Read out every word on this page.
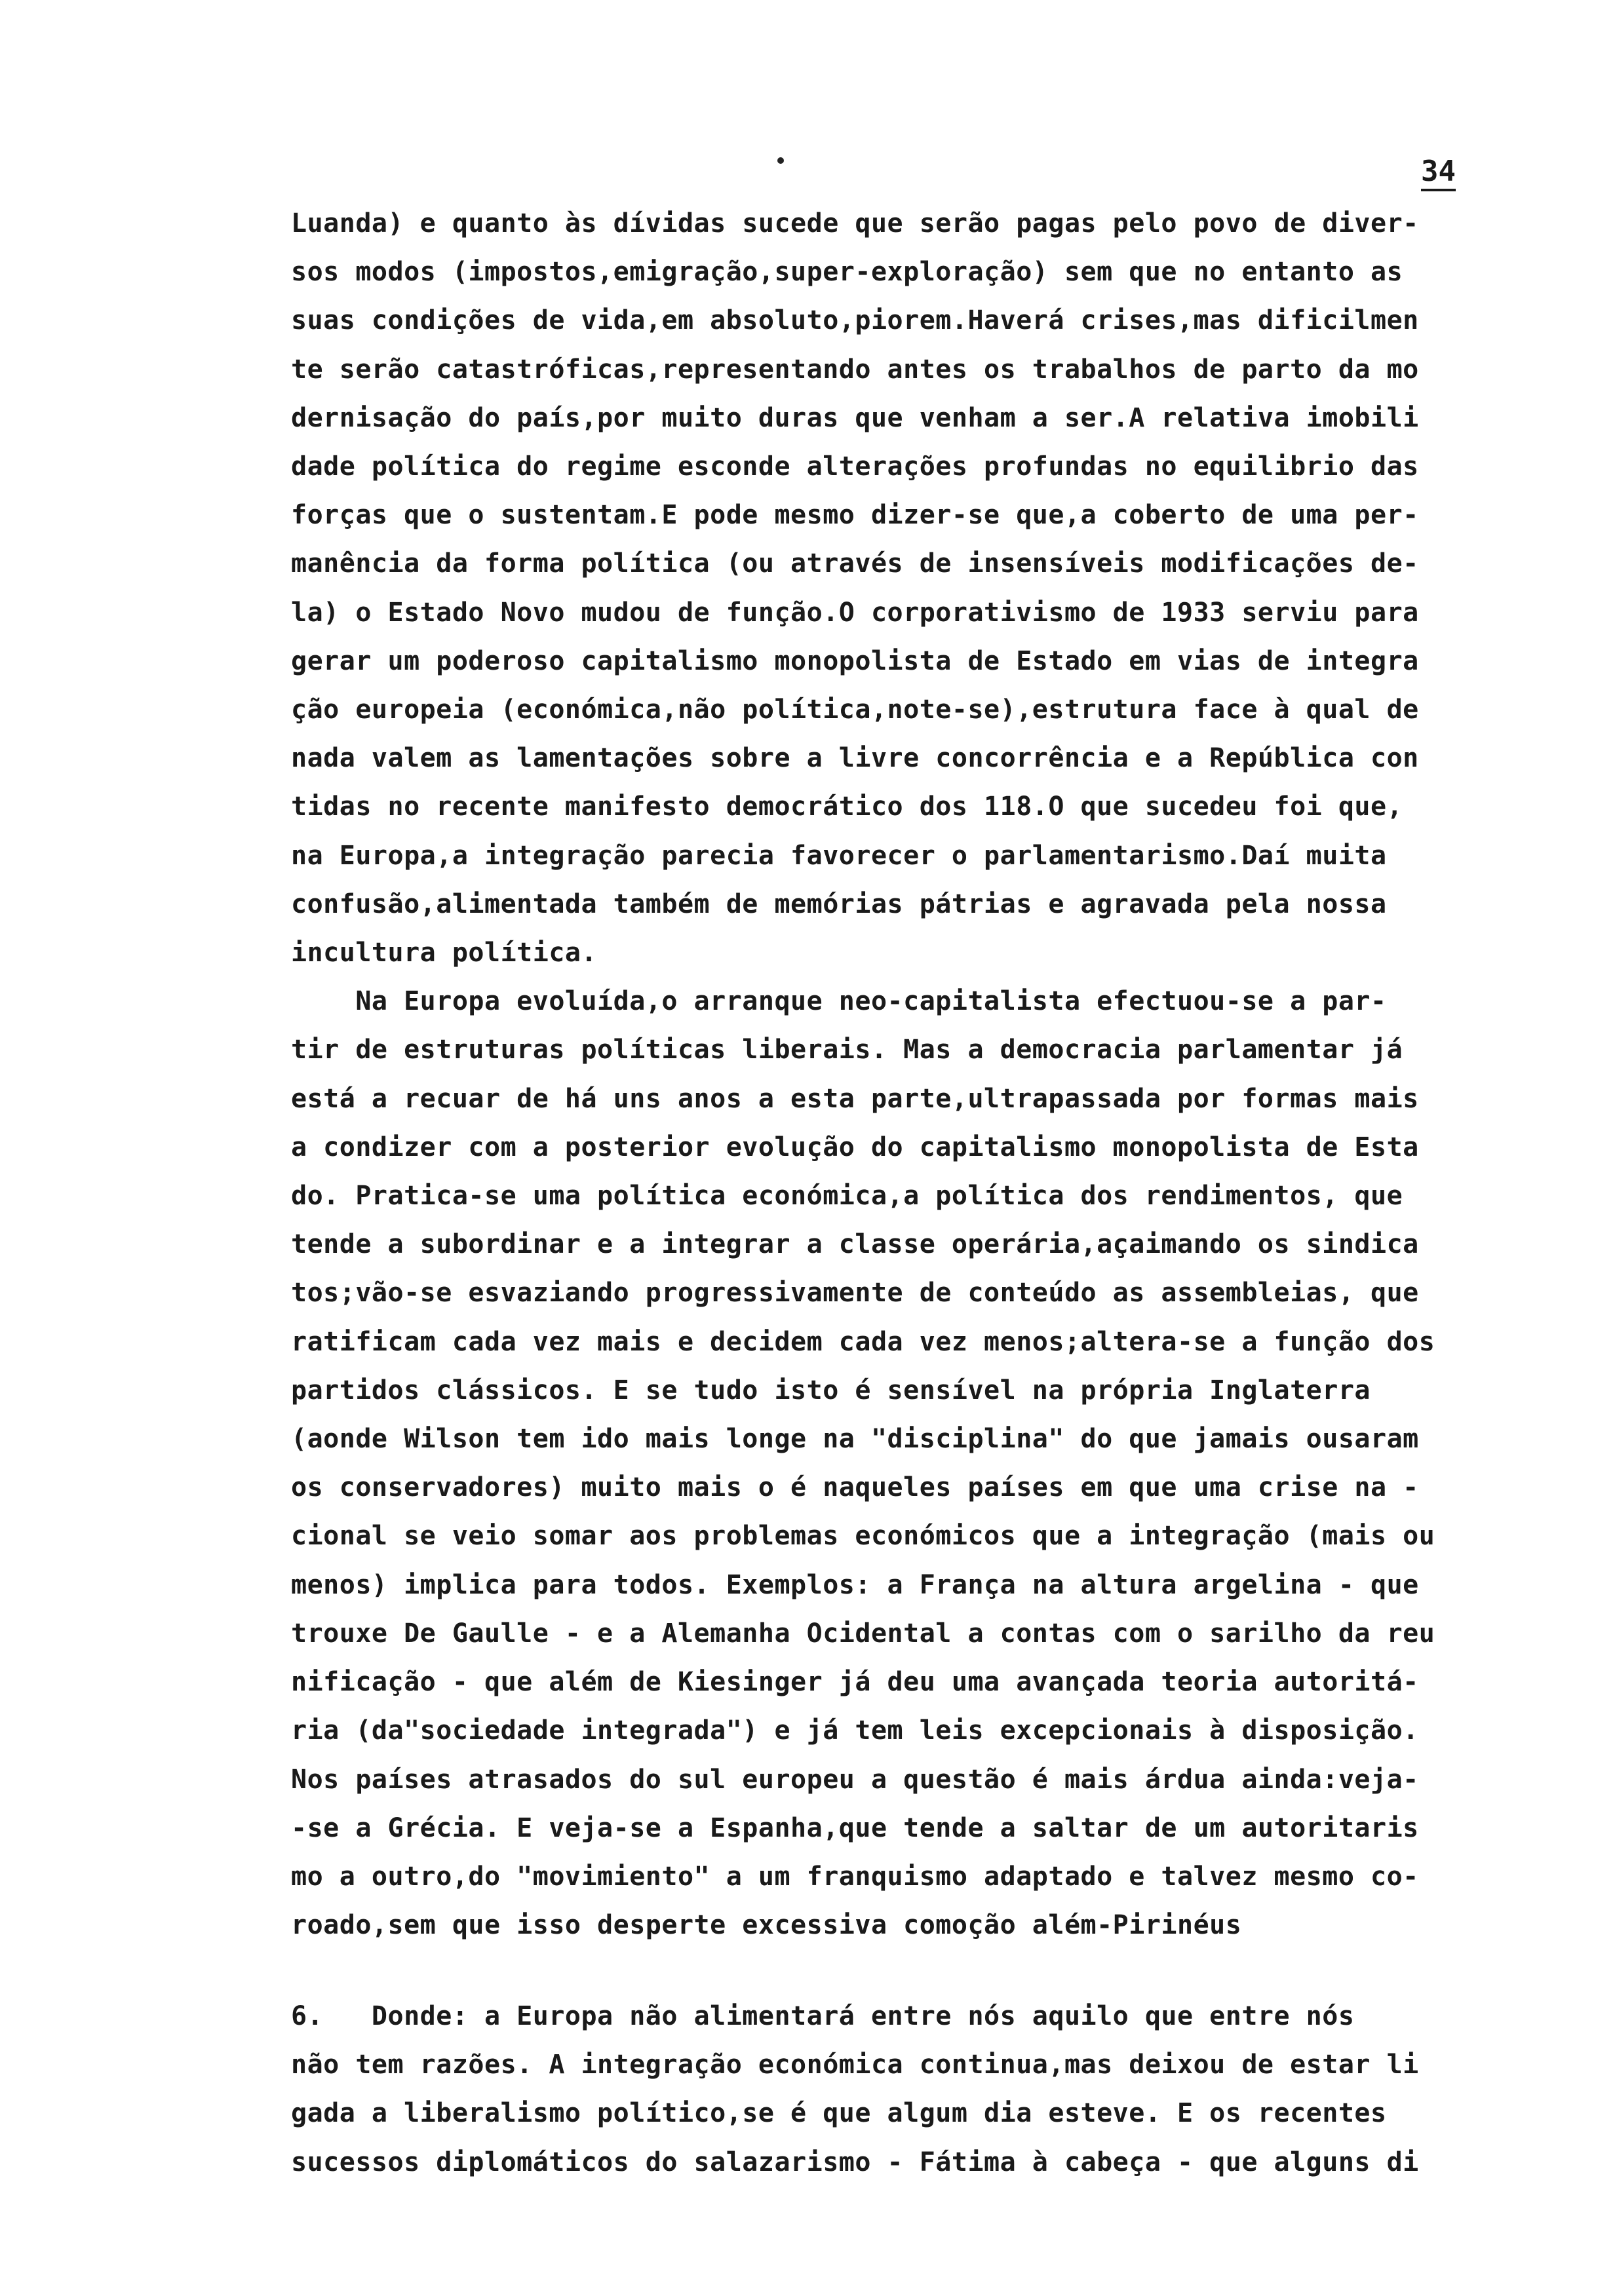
34
Luanda) e quanto às dívidas sucede que serão pagas pelo povo de diver-
sos modos (impostos,emigração,super-exploração) sem que no entanto as
suas condições de vida,em absoluto,piorem.Haverá crises,mas dificilmen
te serão catastróficas,representando antes os trabalhos de parto da mo
dernisação do país,por muito duras que venham a ser.A relativa imobili
dade política do regime esconde alterações profundas no equilibrio das
forças que o sustentam.E pode mesmo dizer-se que,a coberto de uma per-
manência da forma política (ou através de insensíveis modificações de-
la) o Estado Novo mudou de função.O corporativismo de 1933 serviu para
gerar um poderoso capitalismo monopolista de Estado em vias de integra
ção europeia (económica,não política,note-se),estrutura face à qual de
nada valem as lamentações sobre a livre concorrência e a República con
tidas no recente manifesto democrático dos 118.O que sucedeu foi que,
na Europa,a integração parecia favorecer o parlamentarismo.Daí muita
confusão,alimentada também de memórias pátrias e agravada pela nossa
incultura política.
Na Europa evoluída,o arranque neo-capitalista efectuou-se a par-
tir de estruturas políticas liberais. Mas a democracia parlamentar já
está a recuar de há uns anos a esta parte,ultrapassada por formas mais
a condizer com a posterior evolução do capitalismo monopolista de Esta
do. Pratica-se uma política económica,a política dos rendimentos, que
tende a subordinar e a integrar a classe operária,açaimando os sindica
tos;vão-se esvaziando progressivamente de conteúdo as assembleias, que
ratificam cada vez mais e decidem cada vez menos;altera-se a função dos
partidos clássicos. E se tudo isto é sensível na própria Inglaterra
(aonde Wilson tem ido mais longe na "disciplina" do que jamais ousaram
os conservadores) muito mais o é naqueles países em que uma crise na -
cional se veio somar aos problemas económicos que a integração (mais ou
menos) implica para todos. Exemplos: a França na altura argelina - que
trouxe De Gaulle - e a Alemanha Ocidental a contas com o sarilho da reu
nificação - que além de Kiesinger já deu uma avançada teoria autoritá-
ria (da"sociedade integrada") e já tem leis excepcionais à disposição.
Nos países atrasados do sul europeu a questão é mais árdua ainda:veja-
-se a Grécia. E veja-se a Espanha,que tende a saltar de um autoritaris
mo a outro,do "movimiento" a um franquismo adaptado e talvez mesmo co-
roado,sem que isso desperte excessiva comoção além-Pirinéus
6.   Donde: a Europa não alimentará entre nós aquilo que entre nós
não tem razões. A integração económica continua,mas deixou de estar li
gada a liberalismo político,se é que algum dia esteve. E os recentes
sucessos diplomáticos do salazarismo - Fátima à cabeça - que alguns di
